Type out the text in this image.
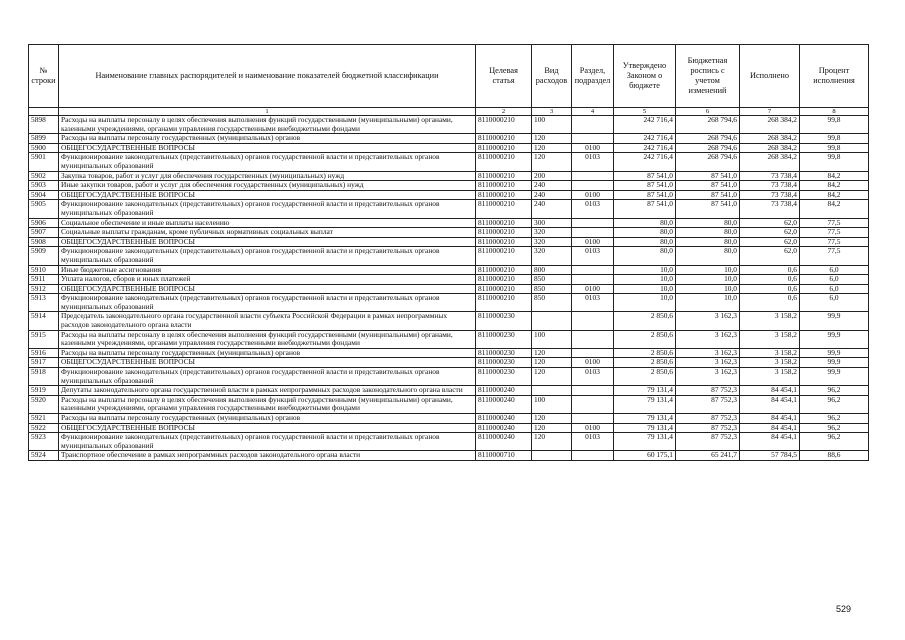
№ строки	Наименование главных распорядителей и наименование показателей бюджетной классификации	Целевая статья	Вид расходов	Раздел, подраздел	Утверждено Законом о бюджете	Бюджетная роспись с учетом изменений	Исполнено	Процент исполнения
	1	2	3	4	5	6	7	8
5898	Расходы на выплаты персоналу в целях обеспечения выполнения функций государственными (муниципальными) органами, казенными учреждениями, органами управления государственными внебюджетными фондами	8110000210	100		242 716,4	268 794,6	268 384,2	99,8
5899	Расходы на выплаты персоналу государственных (муниципальных) органов	8110000210	120		242 716,4	268 794,6	268 384,2	99,8
5900	ОБЩЕГОСУДАРСТВЕННЫЕ ВОПРОСЫ	8110000210	120	0100	242 716,4	268 794,6	268 384,2	99,8
5901	Функционирование законодательных (представительных) органов государственной власти и представительных органов муниципальных образований	8110000210	120	0103	242 716,4	268 794,6	268 384,2	99,8
5902	Закупка товаров, работ и услуг для обеспечения государственных (муниципальных) нужд	8110000210	200		87 541,0	87 541,0	73 738,4	84,2
5903	Иные закупки товаров, работ и услуг для обеспечения государственных (муниципальных) нужд	8110000210	240		87 541,0	87 541,0	73 738,4	84,2
5904	ОБЩЕГОСУДАРСТВЕННЫЕ ВОПРОСЫ	8110000210	240	0100	87 541,0	87 541,0	73 738,4	84,2
5905	Функционирование законодательных (представительных) органов государственной власти и представительных органов муниципальных образований	8110000210	240	0103	87 541,0	87 541,0	73 738,4	84,2
5906	Социальное обеспечение и иные выплаты населению	8110000210	300		80,0	80,0	62,0	77,5
5907	Социальные выплаты гражданам, кроме публичных нормативных социальных выплат	8110000210	320		80,0	80,0	62,0	77,5
5908	ОБЩЕГОСУДАРСТВЕННЫЕ ВОПРОСЫ	8110000210	320	0100	80,0	80,0	62,0	77,5
5909	Функционирование законодательных (представительных) органов государственной власти и представительных органов муниципальных образований	8110000210	320	0103	80,0	80,0	62,0	77,5
5910	Иные бюджетные ассигнования	8110000210	800		10,0	10,0	0,6	6,0
5911	Уплата налогов, сборов и иных платежей	8110000210	850		10,0	10,0	0,6	6,0
5912	ОБЩЕГОСУДАРСТВЕННЫЕ ВОПРОСЫ	8110000210	850	0100	10,0	10,0	0,6	6,0
5913	Функционирование законодательных (представительных) органов государственной власти и представительных органов муниципальных образований	8110000210	850	0103	10,0	10,0	0,6	6,0
5914	Председатель законодательного органа государственной власти субъекта Российской Федерации в рамках непрограммных расходов законодательного органа власти	8110000230			2 850,6	3 162,3	3 158,2	99,9
5915	Расходы на выплаты персоналу в целях обеспечения выполнения функций государственными (муниципальными) органами, казенными учреждениями, органами управления государственными внебюджетными фондами	8110000230	100		2 850,6	3 162,3	3 158,2	99,9
5916	Расходы на выплаты персоналу государственных (муниципальных) органов	8110000230	120		2 850,6	3 162,3	3 158,2	99,9
5917	ОБЩЕГОСУДАРСТВЕННЫЕ ВОПРОСЫ	8110000230	120	0100	2 850,6	3 162,3	3 158,2	99,9
5918	Функционирование законодательных (представительных) органов государственной власти и представительных органов муниципальных образований	8110000230	120	0103	2 850,6	3 162,3	3 158,2	99,9
5919	Депутаты законодательного органа государственной власти в рамках непрограммных расходов законодательного органа власти	8110000240			79 131,4	87 752,3	84 454,1	96,2
5920	Расходы на выплаты персоналу в целях обеспечения выполнения функций государственными (муниципальными) органами, казенными учреждениями, органами управления государственными внебюджетными фондами	8110000240	100		79 131,4	87 752,3	84 454,1	96,2
5921	Расходы на выплаты персоналу государственных (муниципальных) органов	8110000240	120		79 131,4	87 752,3	84 454,1	96,2
5922	ОБЩЕГОСУДАРСТВЕННЫЕ ВОПРОСЫ	8110000240	120	0100	79 131,4	87 752,3	84 454,1	96,2
5923	Функционирование законодательных (представительных) органов государственной власти и представительных органов муниципальных образований	8110000240	120	0103	79 131,4	87 752,3	84 454,1	96,2
5924	Транспортное обеспечение в рамках непрограммных расходов законодательного органа власти	8110000710			60 175,1	65 241,7	57 784,5	88,6
529
